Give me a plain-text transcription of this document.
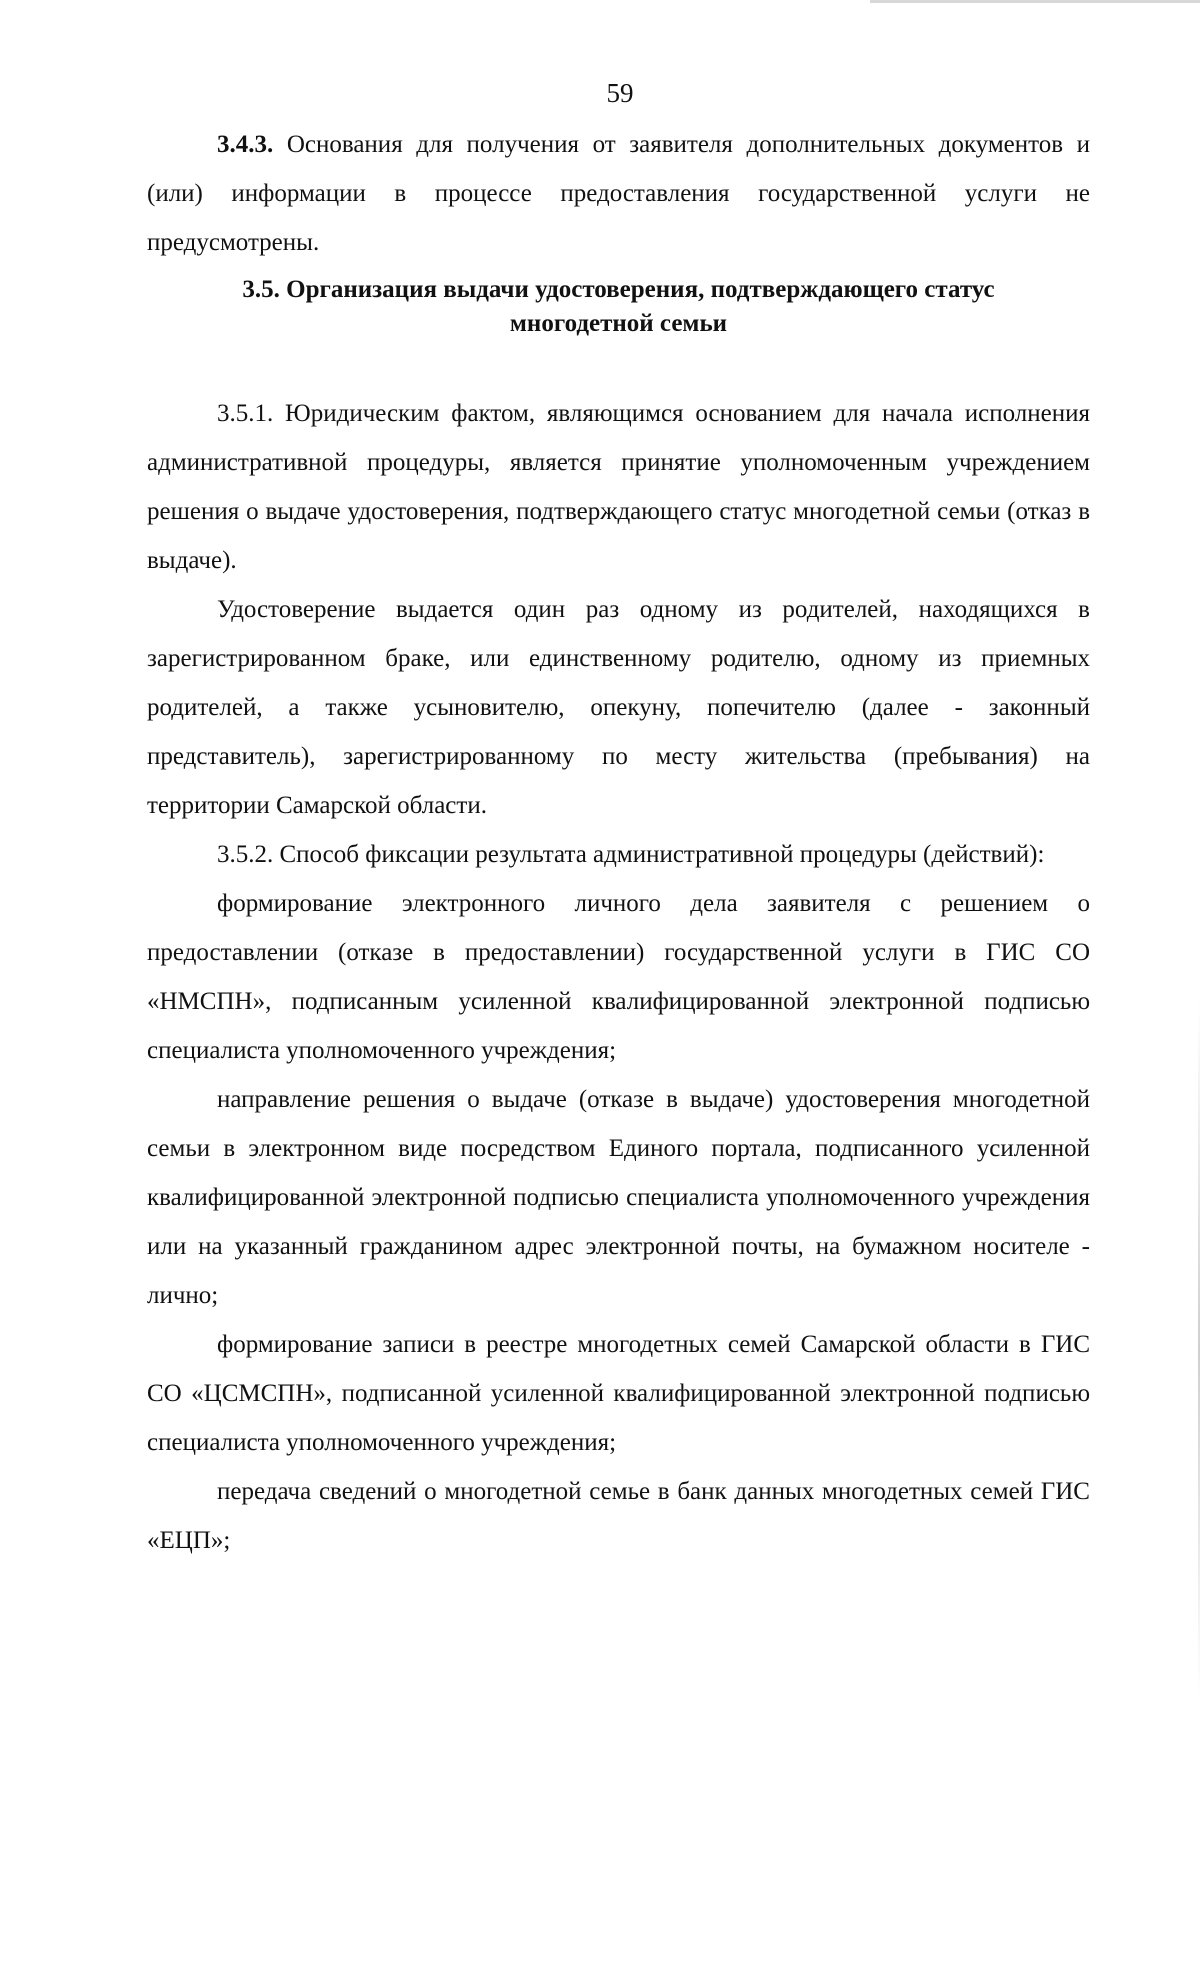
59

3.4.3. Основания для получения от заявителя дополнительных документов и (или) информации в процессе предоставления государственной услуги не предусмотрены.

3.5. Организация выдачи удостоверения, подтверждающего статус
многодетной семьи

3.5.1. Юридическим фактом, являющимся основанием для начала исполнения административной процедуры, является принятие уполномоченным учреждением решения о выдаче удостоверения, подтверждающего статус многодетной семьи (отказ в выдаче).

Удостоверение выдается один раз одному из родителей, находящихся в зарегистрированном браке, или единственному родителю, одному из приемных родителей, а также усыновителю, опекуну, попечителю (далее - законный представитель), зарегистрированному по месту жительства (пребывания) на территории Самарской области.

3.5.2. Способ фиксации результата административной процедуры (действий):

формирование электронного личного дела заявителя с решением о предоставлении (отказе в предоставлении) государственной услуги в ГИС СО «НМСПН», подписанным усиленной квалифицированной электронной подписью специалиста уполномоченного учреждения;

направление решения о выдаче (отказе в выдаче) удостоверения многодетной семьи в электронном виде посредством Единого портала, подписанного усиленной квалифицированной электронной подписью специалиста уполномоченного учреждения или на указанный гражданином адрес электронной почты, на бумажном носителе - лично;

формирование записи в реестре многодетных семей Самарской области в ГИС СО «ЦСМСПН», подписанной усиленной квалифицированной электронной подписью специалиста уполномоченного учреждения;

передача сведений о многодетной семье в банк данных многодетных семей ГИС «ЕЦП»;
